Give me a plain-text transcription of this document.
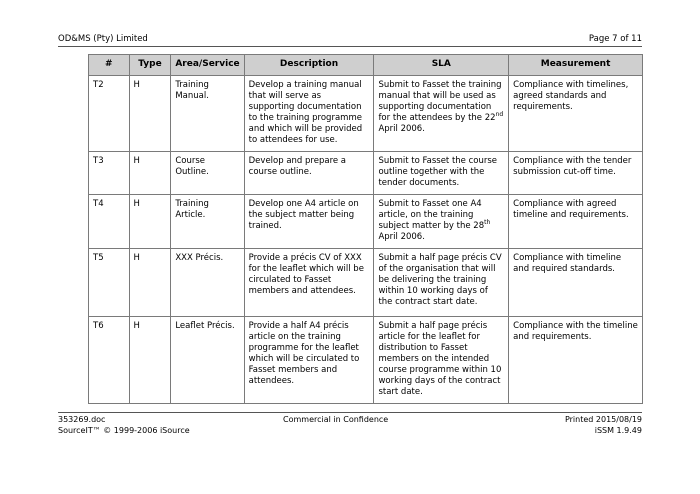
OD&MS (Pty) Limited	Page 7 of 11
#	Type	Area/Service	Description	SLA	Measurement
T2	H	Training Manual.	Develop a training manual that will serve as supporting documentation to the training programme and which will be provided to attendees for use.	Submit to Fasset the training manual that will be used as supporting documentation for the attendees by the 22nd April 2006.	Compliance with timelines, agreed standards and requirements.
T3	H	Course Outline.	Develop and prepare a course outline.	Submit to Fasset the course outline together with the tender documents.	Compliance with the tender submission cut-off time.
T4	H	Training Article.	Develop one A4 article on the subject matter being trained.	Submit to Fasset one A4 article, on the training subject matter by the 28th April 2006.	Compliance with agreed timeline and requirements.
T5	H	XXX Précis.	Provide a précis CV of XXX for the leaflet which will be circulated to Fasset members and attendees.	Submit a half page précis CV of the organisation that will be delivering the training within 10 working days of the contract start date.	Compliance with timeline and required standards.
T6	H	Leaflet Précis.	Provide a half A4 précis article on the training programme for the leaflet which will be circulated to Fasset members and attendees.	Submit a half page précis article for the leaflet for distribution to Fasset members on the intended course programme within 10 working days of the contract start date.	Compliance with the timeline and requirements.
353269.doc
SourceIT™ © 1999-2006 iSource
Commercial in Confidence	Printed 2015/08/19
iSSM 1.9.49
